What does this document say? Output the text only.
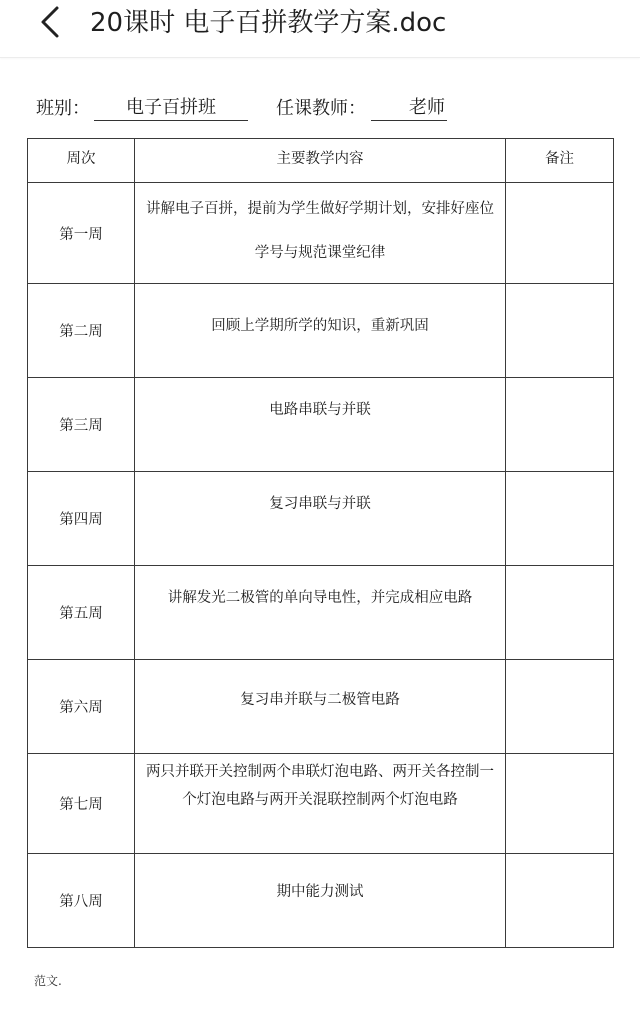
20课时 电子百拼教学方案.doc
班别：	电子百拼班	任课教师：	老师
周次	主要教学内容	备注
第一周	讲解电子百拼，提前为学生做好学期计划，安排好座位学号与规范课堂纪律	
第二周	回顾上学期所学的知识，重新巩固	
第三周	电路串联与并联	
第四周	复习串联与并联	
第五周	讲解发光二极管的单向导电性，并完成相应电路	
第六周	复习串并联与二极管电路	
第七周	两只并联开关控制两个串联灯泡电路、两开关各控制一个灯泡电路与两开关混联控制两个灯泡电路	
第八周	期中能力测试	
范文.
